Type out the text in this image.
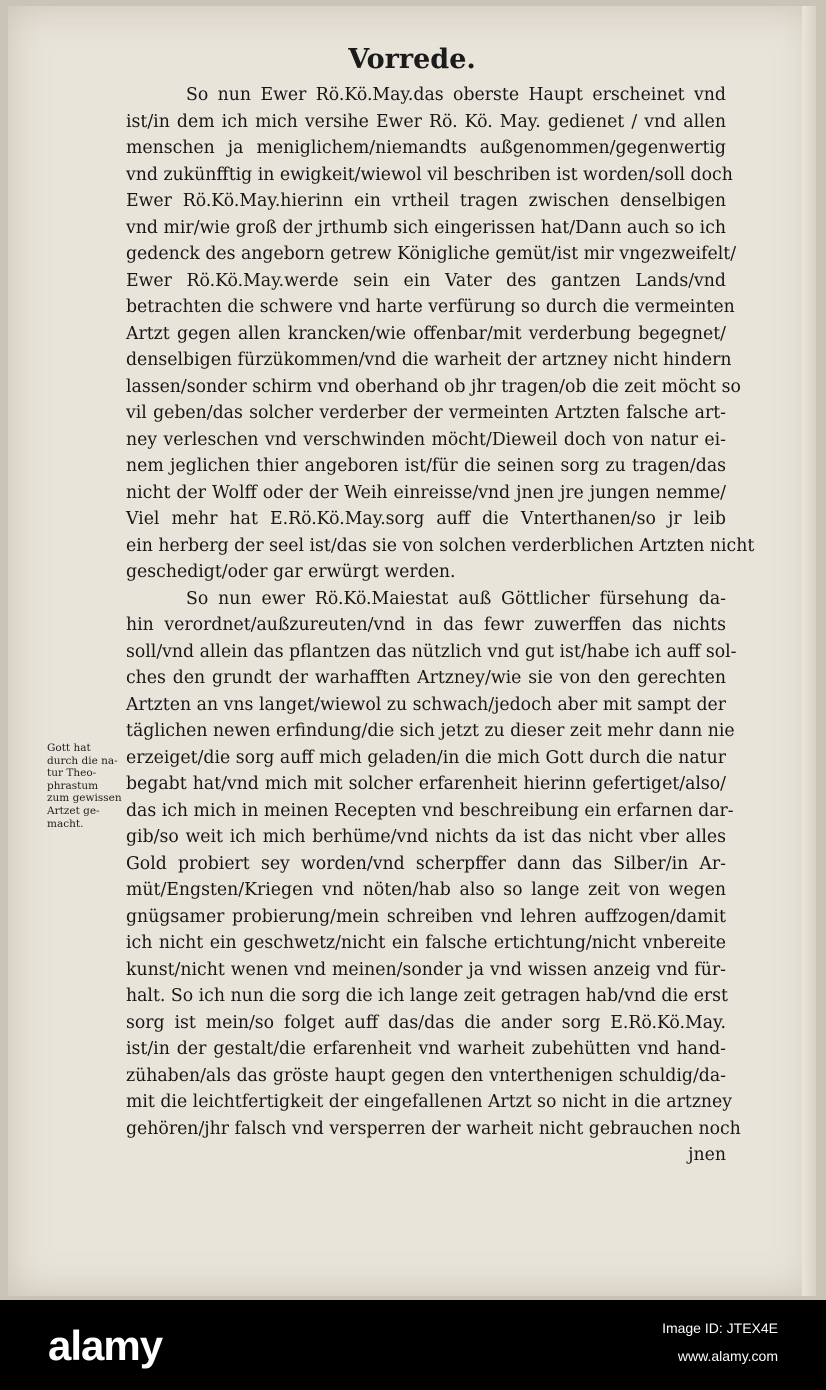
Vorrede.
So nun Ewer Rö.Kö.May.das oberste Haupt erscheinet vnd
ist/in dem ich mich versihe Ewer Rö. Kö. May. gedienet / vnd allen
menschen ja meniglichem/niemandts außgenommen/gegenwertig
vnd zukünfftig in ewigkeit/wiewol vil beschriben ist worden/soll doch
Ewer Rö.Kö.May.hierinn ein vrtheil tragen zwischen denselbigen
vnd mir/wie groß der jrthumb sich eingerissen hat/Dann auch so ich
gedenck des angeborn getrew Königliche gemüt/ist mir vngezweifelt/
Ewer Rö.Kö.May.werde sein ein Vater des gantzen Lands/vnd
betrachten die schwere vnd harte verfürung so durch die vermeinten
Artzt gegen allen krancken/wie offenbar/mit verderbung begegnet/
denselbigen fürzükommen/vnd die warheit der artzney nicht hindern
lassen/sonder schirm vnd oberhand ob jhr tragen/ob die zeit möcht so
vil geben/das solcher verderber der vermeinten Artzten falsche art-
ney verleschen vnd verschwinden möcht/Dieweil doch von natur ei-
nem jeglichen thier angeboren ist/für die seinen sorg zu tragen/das
nicht der Wolff oder der Weih einreisse/vnd jnen jre jungen nemme/
Viel mehr hat E.Rö.Kö.May.sorg auff die Vnterthanen/so jr leib
ein herberg der seel ist/das sie von solchen verderblichen Artzten nicht
geschedigt/oder gar erwürgt werden.
So nun ewer Rö.Kö.Maiestat auß Göttlicher fürsehung da-
hin verordnet/außzureuten/vnd in das fewr zuwerffen das nichts
soll/vnd allein das pflantzen das nützlich vnd gut ist/habe ich auff sol-
ches den grundt der warhafften Artzney/wie sie von den gerechten
Artzten an vns langet/wiewol zu schwach/jedoch aber mit sampt der
täglichen newen erfindung/die sich jetzt zu dieser zeit mehr dann nie
erzeiget/die sorg auff mich geladen/in die mich Gott durch die natur
begabt hat/vnd mich mit solcher erfarenheit hierinn gefertiget/also/
das ich mich in meinen Recepten vnd beschreibung ein erfarnen dar-
gib/so weit ich mich berhüme/vnd nichts da ist das nicht vber alles
Gold probiert sey worden/vnd scherpffer dann das Silber/in Ar-
müt/Engsten/Kriegen vnd nöten/hab also so lange zeit von wegen
gnügsamer probierung/mein schreiben vnd lehren auffzogen/damit
ich nicht ein geschwetz/nicht ein falsche ertichtung/nicht vnbereite
kunst/nicht wenen vnd meinen/sonder ja vnd wissen anzeig vnd für-
halt. So ich nun die sorg die ich lange zeit getragen hab/vnd die erst
sorg ist mein/so folget auff das/das die ander sorg E.Rö.Kö.May.
ist/in der gestalt/die erfarenheit vnd warheit zubehütten vnd hand-
zühaben/als das gröste haupt gegen den vnterthenigen schuldig/da-
mit die leichtfertigkeit der eingefallenen Artzt so nicht in die artzney
gehören/jhr falsch vnd versperren der warheit nicht gebrauchen noch
jnen
Gott hat
durch die na-
tur Theo-
phrastum
zum gewissen
Artzet ge-
macht.
alamy	Image ID: JTEX4E
www.alamy.com
